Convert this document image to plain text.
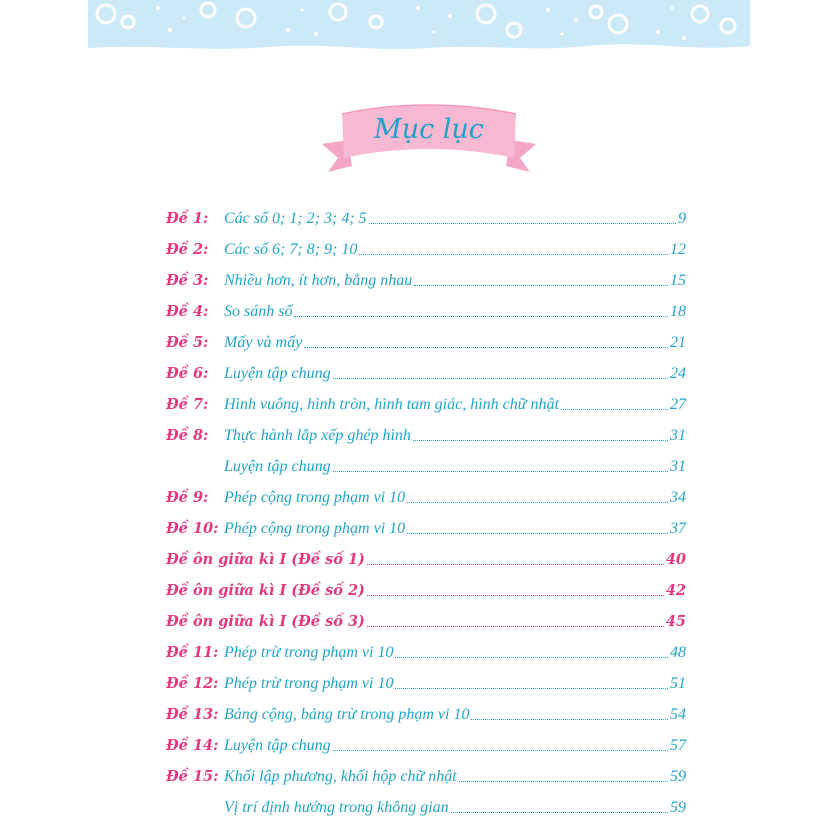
Mục lục
Đề 1: Các số 0; 1; 2; 3; 4; 5	9
Đề 2: Các số 6; 7; 8; 9; 10	12
Đề 3: Nhiều hơn, ít hơn, bằng nhau	15
Đề 4: So sánh số	18
Đề 5: Mấy và mấy	21
Đề 6: Luyện tập chung	24
Đề 7: Hình vuông, hình tròn, hình tam giác, hình chữ nhật	27
Đề 8: Thực hành lắp xếp ghép hình	31
Luyện tập chung	31
Đề 9: Phép cộng trong phạm vi 10	34
Đề 10: Phép cộng trong phạm vi 10	37
Đề ôn giữa kì I (Đề số 1)	40
Đề ôn giữa kì I (Đề số 2)	42
Đề ôn giữa kì I (Đề số 3)	45
Đề 11: Phép trừ trong phạm vi 10	48
Đề 12: Phép trừ trong phạm vi 10	51
Đề 13: Bảng cộng, bảng trừ trong phạm vi 10	54
Đề 14: Luyện tập chung	57
Đề 15: Khối lập phương, khối hộp chữ nhật	59
Vị trí định hướng trong không gian	59
